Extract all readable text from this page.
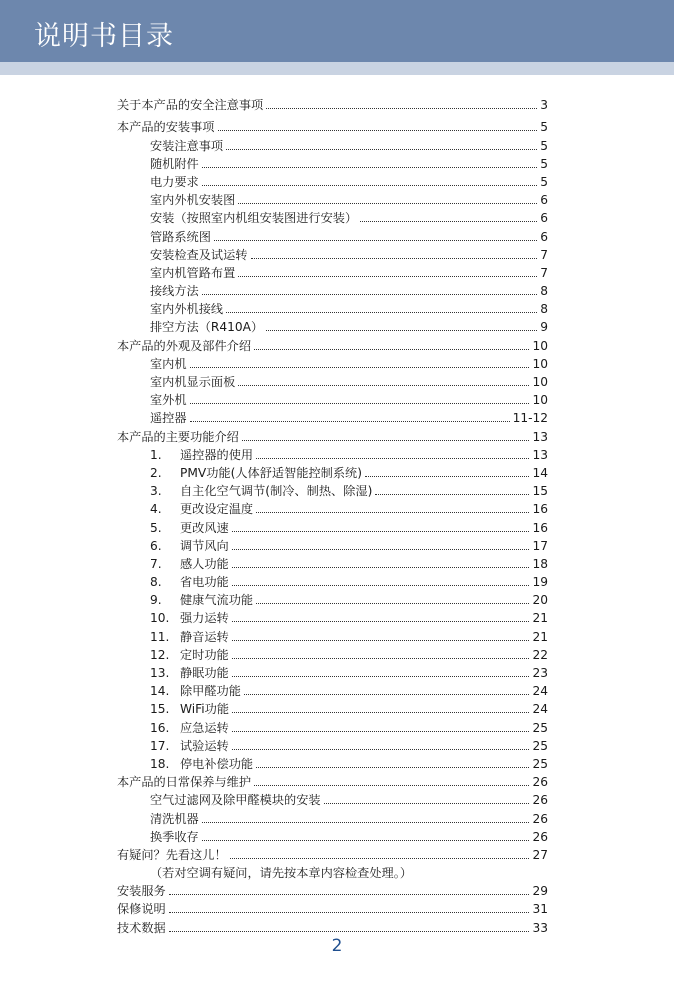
说明书目录
关于本产品的安全注意事项	3
本产品的安装事项	5
安装注意事项	5
随机附件	5
电力要求	5
室内外机安装图	6
安装（按照室内机组安装图进行安装）	6
管路系统图	6
安装检查及试运转	7
室内机管路布置	7
接线方法	8
室内外机接线	8
排空方法（R410A）	9
本产品的外观及部件介绍	10
室内机	10
室内机显示面板	10
室外机	10
遥控器	11-12
本产品的主要功能介绍	13
1.	遥控器的使用	13
2.	PMV功能(人体舒适智能控制系统)	14
3.	自主化空气调节(制冷、制热、除湿)	15
4.	更改设定温度	16
5.	更改风速	16
6.	调节风向	17
7.	感人功能	18
8.	省电功能	19
9.	健康气流功能	20
10. 强力运转	21
11. 静音运转	21
12. 定时功能	22
13. 静眠功能	23
14. 除甲醛功能	24
15. WiFi功能	24
16. 应急运转	25
17. 试验运转	25
18. 停电补偿功能	25
本产品的日常保养与维护	26
空气过滤网及除甲醛模块的安装	26
清洗机器	26
换季收存	26
有疑问？先看这儿！	27
（若对空调有疑问，请先按本章内容检查处理。）
安装服务	29
保修说明	31
技术数据	33
2
